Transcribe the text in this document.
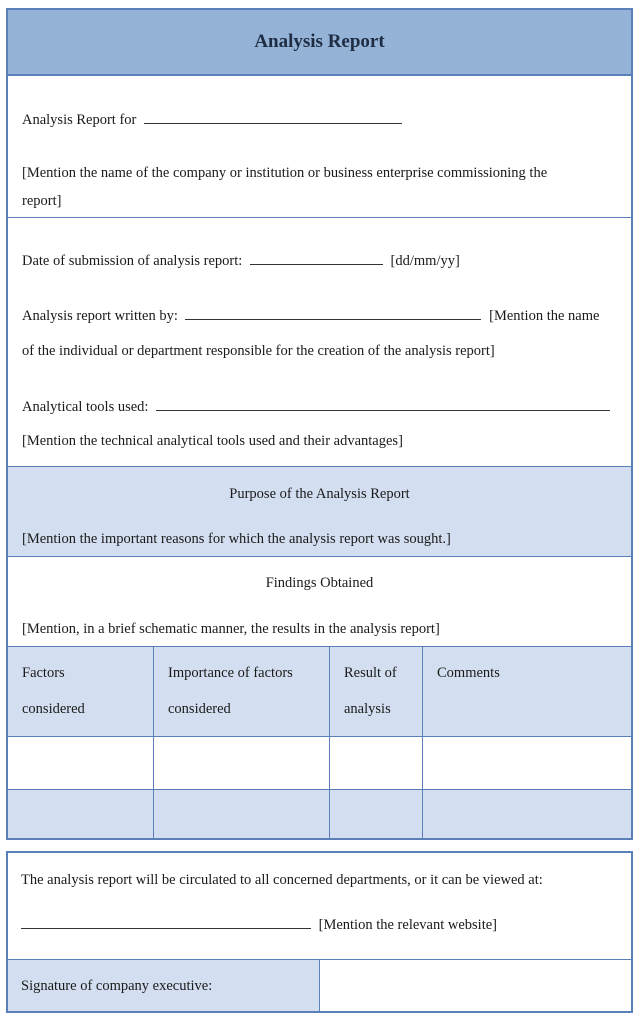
Analysis Report
Analysis Report for
[Mention the name of the company or institution or business enterprise commissioning the
report]
Date of submission of analysis report:	[dd/mm/yy]
Analysis report written by:	[Mention the name
of the individual or department responsible for the creation of the analysis report]
Analytical tools used:
[Mention the technical analytical tools used and their advantages]
Purpose of the Analysis Report
[Mention the important reasons for which the analysis report was sought.]
Findings Obtained
[Mention, in a brief schematic manner, the results in the analysis report]
Factors
considered
Importance of factors
considered
Result of
analysis
Comments
The analysis report will be circulated to all concerned departments, or it can be viewed at:
[Mention the relevant website]
Signature of company executive:
